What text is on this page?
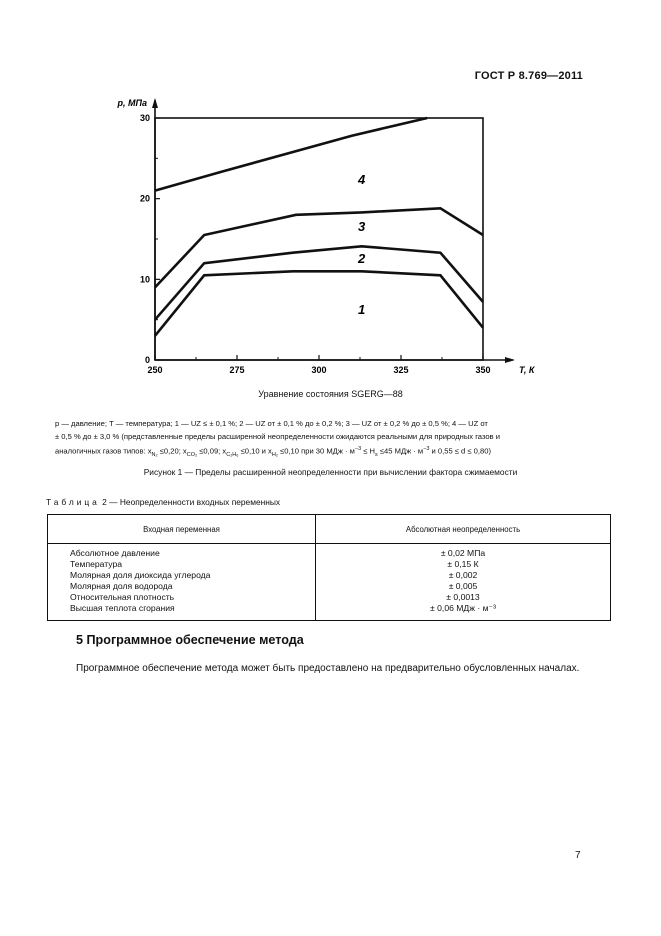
ГОСТ Р 8.769—2011
250	275	300	325	350
0
10
20
30
p, МПа
T, К
4
3
2
1
Уравнение состояния SGERG—88
p — давление; T — температура; 1 — UZ ≤ ± 0,1 %; 2 — UZ от ± 0,1 % до ± 0,2 %; 3 — UZ от ± 0,2 % до ± 0,5 %; 4 — UZ от
± 0,5 % до ± 3,0 % (представленные пределы расширенной неопределенности ожидаются реальными для природных газов и
аналогичных газов типов: $x_{N_2} \le 0,20$; $x_{CO_2} \le 0,09$; $x_{C_2H_6} \le 0,10$ и $x_{H_2} \le 0,10$ при 30 МДж · $м^{-3} \le H_s \le 45$ МДж · $м^{-3}$ и 0,55 ≤ d ≤ 0,80)
Рисунок 1 — Пределы расширенной неопределенности при вычислении фактора сжимаемости
Таблица 2 — Неопределенности входных переменных
Входная переменная	Абсолютная неопределенность
Абсолютное давление	± 0,02 МПа
Температура	± 0,15 К
Молярная доля диоксида углерода	± 0,002
Молярная доля водорода	± 0,005
Относительная плотность	± 0,0013
Высшая теплота сгорания	± 0,06 МДж · м⁻³
5 Программное обеспечение метода
Программное обеспечение метода может быть предоставлено на предварительно обусловленных началах.
7
